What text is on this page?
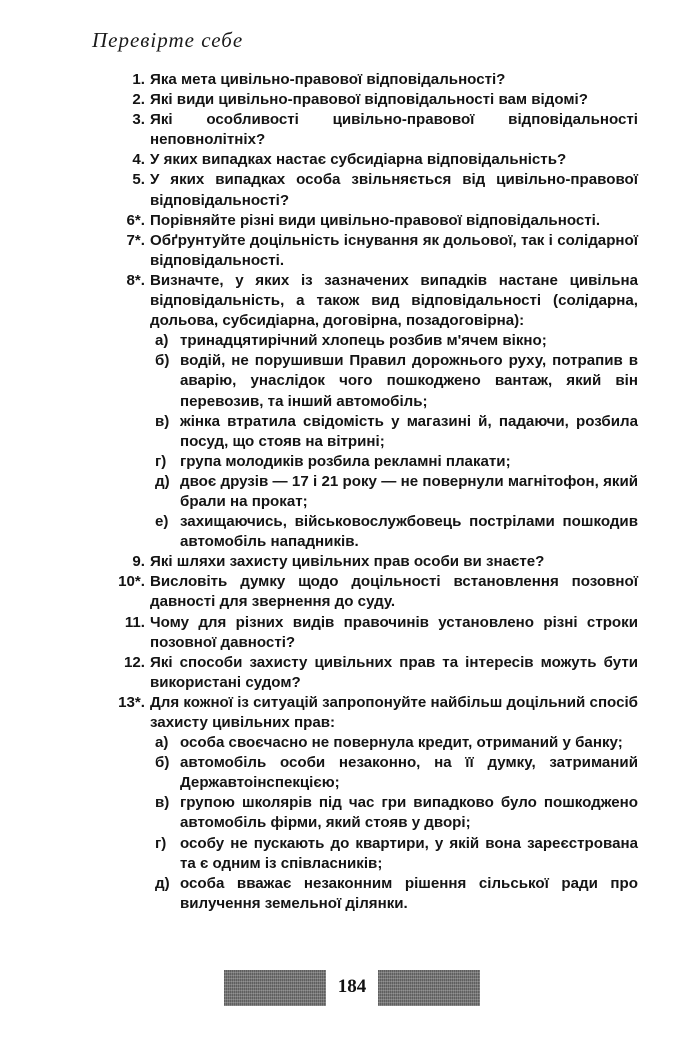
Перевірте себе
1. Яка мета цивільно-правової відповідальності?
2. Які види цивільно-правової відповідальності вам відомі?
3. Які особливості цивільно-правової відповідальності неповнолітніх?
4. У яких випадках настає субсидіарна відповідальність?
5. У яких випадках особа звільняється від цивільно-правової відповідальності?
6*. Порівняйте різні види цивільно-правової відповідальності.
7*. Обґрунтуйте доцільність існування як дольової, так і солідарної відповідальності.
8*. Визначте, у яких із зазначених випадків настане цивільна відповідальність, а також вид відповідальності (солідарна, дольова, субсидіарна, договірна, позадоговірна):
а) тринадцятирічний хлопець розбив м'ячем вікно;
б) водій, не порушивши Правил дорожнього руху, потрапив в аварію, унаслідок чого пошкоджено вантаж, який він перевозив, та інший автомобіль;
в) жінка втратила свідомість у магазині й, падаючи, розбила посуд, що стояв на вітрині;
г) група молодиків розбила рекламні плакати;
д) двоє друзів — 17 і 21 року — не повернули магнітофон, який брали на прокат;
е) захищаючись, військовослужбовець пострілами пошкодив автомобіль нападників.
9. Які шляхи захисту цивільних прав особи ви знаєте?
10*. Висловіть думку щодо доцільності встановлення позовної давності для звернення до суду.
11. Чому для різних видів правочинів установлено різні строки позовної давності?
12. Які способи захисту цивільних прав та інтересів можуть бути використані судом?
13*. Для кожної із ситуацій запропонуйте найбільш доцільний спосіб захисту цивільних прав:
а) особа своєчасно не повернула кредит, отриманий у банку;
б) автомобіль особи незаконно, на її думку, затриманий Державтоінспекцією;
в) групою школярів під час гри випадково було пошкоджено автомобіль фірми, який стояв у дворі;
г) особу не пускають до квартири, у якій вона зареєстрована та є одним із співласників;
д) особа вважає незаконним рішення сільської ради про вилучення земельної ділянки.
184
